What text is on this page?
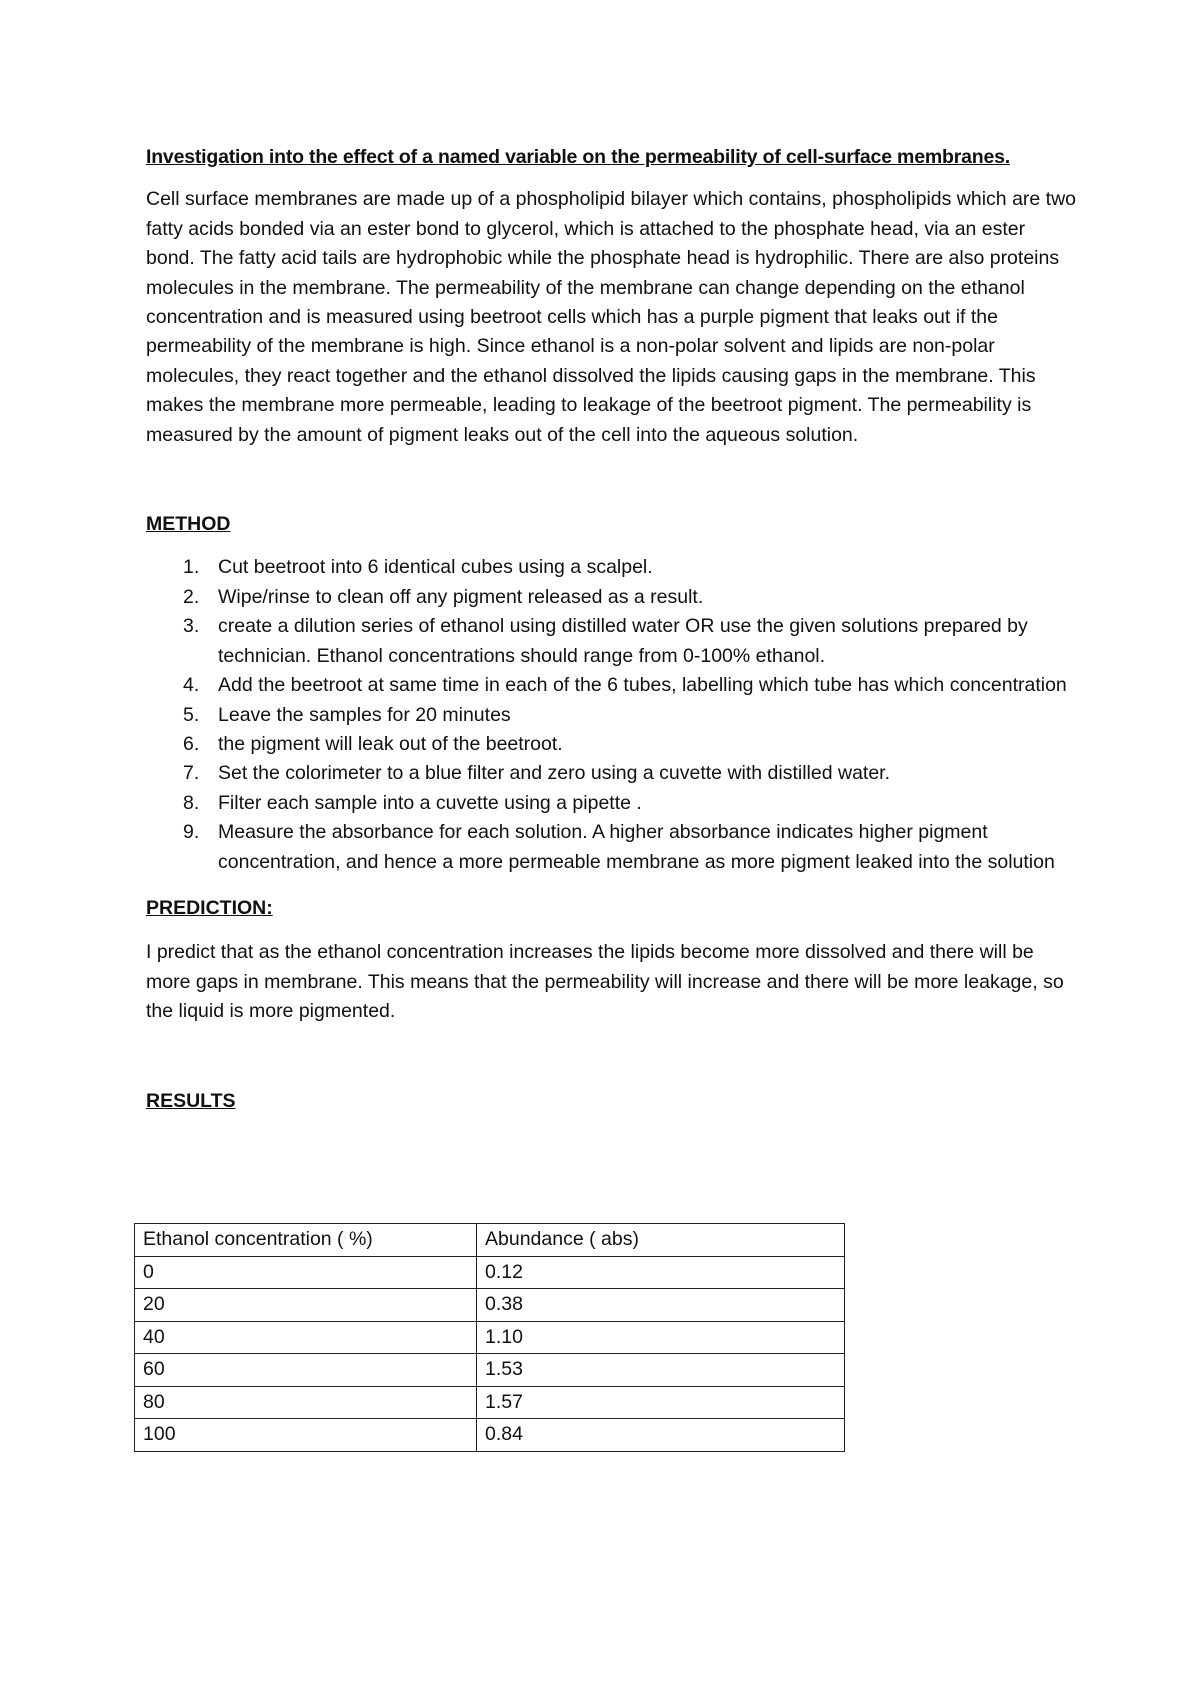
Investigation into the effect of a named variable on the permeability of cell-surface membranes.

Cell surface membranes are made up of a phospholipid bilayer which contains, phospholipids which are two fatty acids bonded via an ester bond to glycerol, which is attached to the phosphate head, via an ester bond. The fatty acid tails are hydrophobic while the phosphate head is hydrophilic. There are also proteins molecules in the membrane. The permeability of the membrane can change depending on the ethanol concentration and is measured using beetroot cells which has a purple pigment that leaks out if the permeability of the membrane is high. Since ethanol is a non-polar solvent and lipids are non-polar molecules, they react together and the ethanol dissolved the lipids causing gaps in the membrane. This makes the membrane more permeable, leading to leakage of the beetroot pigment. The permeability is measured by the amount of pigment leaks out of the cell into the aqueous solution.

METHOD

1. Cut beetroot into 6 identical cubes using a scalpel.
2. Wipe/rinse to clean off any pigment released as a result.
3. create a dilution series of ethanol using distilled water OR use the given solutions prepared by technician. Ethanol concentrations should range from 0-100% ethanol.
4. Add the beetroot at same time in each of the 6 tubes, labelling which tube has which concentration
5. Leave the samples for 20 minutes
6. the pigment will leak out of the beetroot.
7. Set the colorimeter to a blue filter and zero using a cuvette with distilled water.
8. Filter each sample into a cuvette using a pipette .
9. Measure the absorbance for each solution. A higher absorbance indicates higher pigment concentration, and hence a more permeable membrane as more pigment leaked into the solution

PREDICTION:

I predict that as the ethanol concentration increases the lipids become more dissolved and there will be more gaps in membrane. This means that the permeability will increase and there will be more leakage, so the liquid is more pigmented.

RESULTS

Ethanol concentration ( %)	Abundance ( abs)
0	0.12
20	0.38
40	1.10
60	1.53
80	1.57
100	0.84
